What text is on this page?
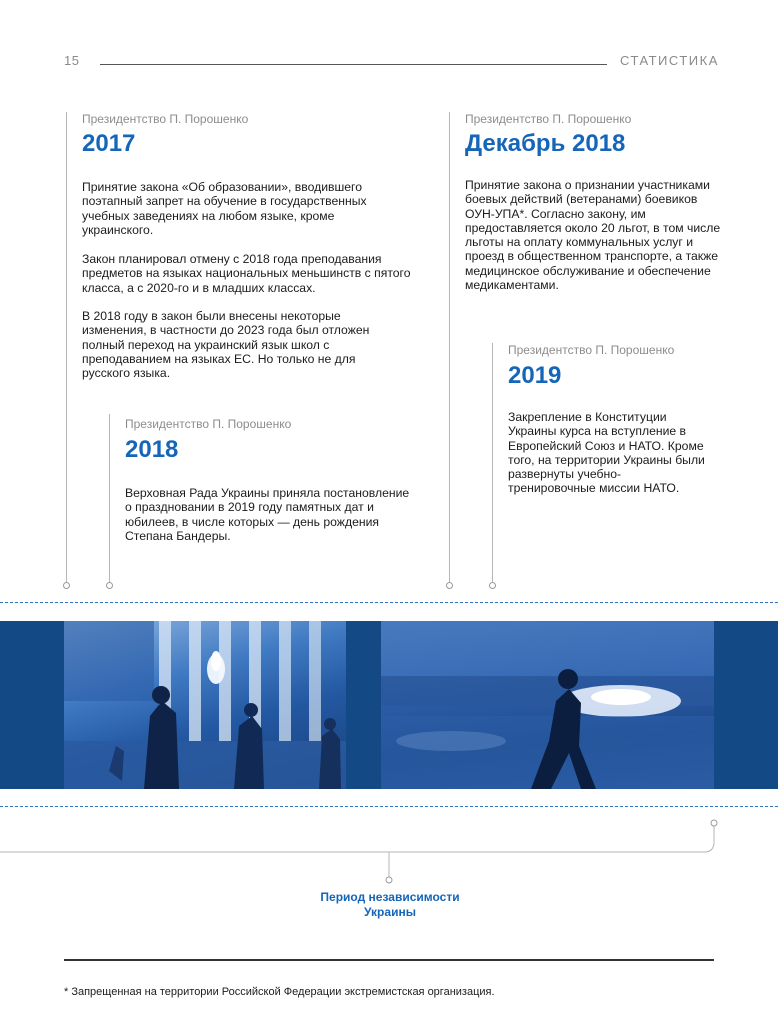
15	СТАТИСТИКА
Президентство П. Порошенко
2017

Принятие закона «Об образовании», вводившего поэтапный запрет на обучение в государственных учебных заведениях на любом языке, кроме украинского.

Закон планировал отмену с 2018 года преподавания предметов на языках национальных меньшинств с пятого класса, а с 2020-го и в младших классах.

В 2018 году в закон были внесены некоторые изменения, в частности до 2023 года был отложен полный переход на украинский язык школ с преподаванием на языках ЕС. Но только не для русского языка.

Президентство П. Порошенко
2018

Верховная Рада Украины приняла постановление о праздновании в 2019 году памятных дат и юбилеев, в числе которых — день рождения Степана Бандеры.

Президентство П. Порошенко
Декабрь 2018

Принятие закона о признании участниками боевых действий (ветеранами) боевиков ОУН-УПА*. Согласно закону, им предоставляется около 20 льгот, в том числе льготы на оплату коммунальных услуг и проезд в общественном транспорте, а также медицинское обслуживание и обеспечение медикаментами.

Президентство П. Порошенко
2019

Закрепление в Конституции Украины курса на вступление в Европейский Союз и НАТО. Кроме того, на территории Украины были развернуты учебно-тренировочные миссии НАТО.

Период независимости Украины
* Запрещенная на территории Российской Федерации экстремистская организация.
